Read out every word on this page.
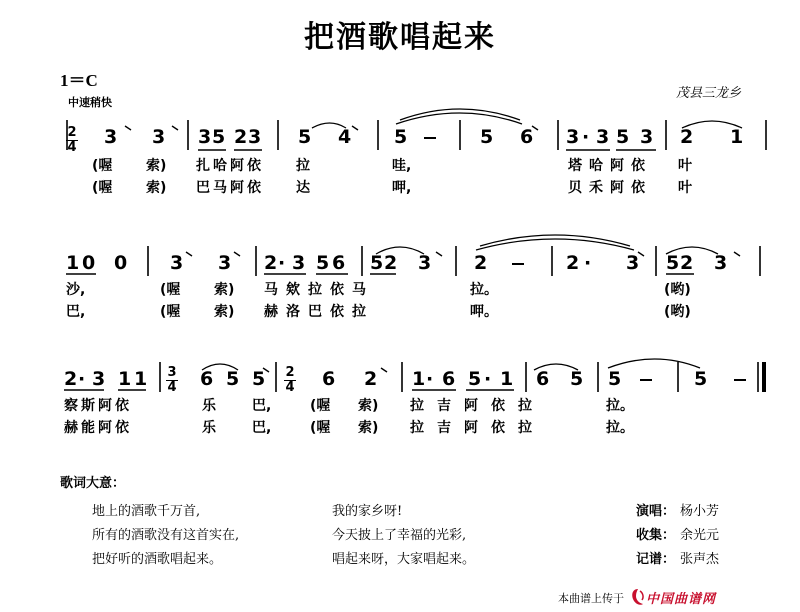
把酒歌唱起来
1＝C
中速稍快
茂县三龙乡
2
4
3
4
2
4
3 3 3 5 2 3 5 4 5	5 6 3 · 3 5 3 2 1
(喔 索) 扎哈阿依 拉	哇,	塔哈阿依 叶
(喔 索) 巴马阿依 达	呷,	贝禾阿依 叶
1 0 0 3 3 2 · 3 5 6 5 2 3 2	2 · 3 5 2 3
沙,	(喔 索) 马欸拉依马	拉。	(哟)
巴,	(喔 索) 赫洛巴依拉	呷。	(哟)
2 · 3 1 1	6 5 5	6 2 1 · 6 5 · 1 6 5 5	5
察斯阿依	乐	巴,	(喔 索) 拉吉阿依拉	拉。
赫能阿依	乐	巴,	(喔 索) 拉吉阿依拉	拉。
歌词大意：
地上的酒歌千万首,
所有的酒歌没有这首实在,
把好听的酒歌唱起来。
我的家乡呀!
今天披上了幸福的光彩,
唱起来呀，大家唱起来。
演唱： 杨小芳
收集： 余光元
记谱： 张声杰
本曲谱上传于 中国曲谱网
